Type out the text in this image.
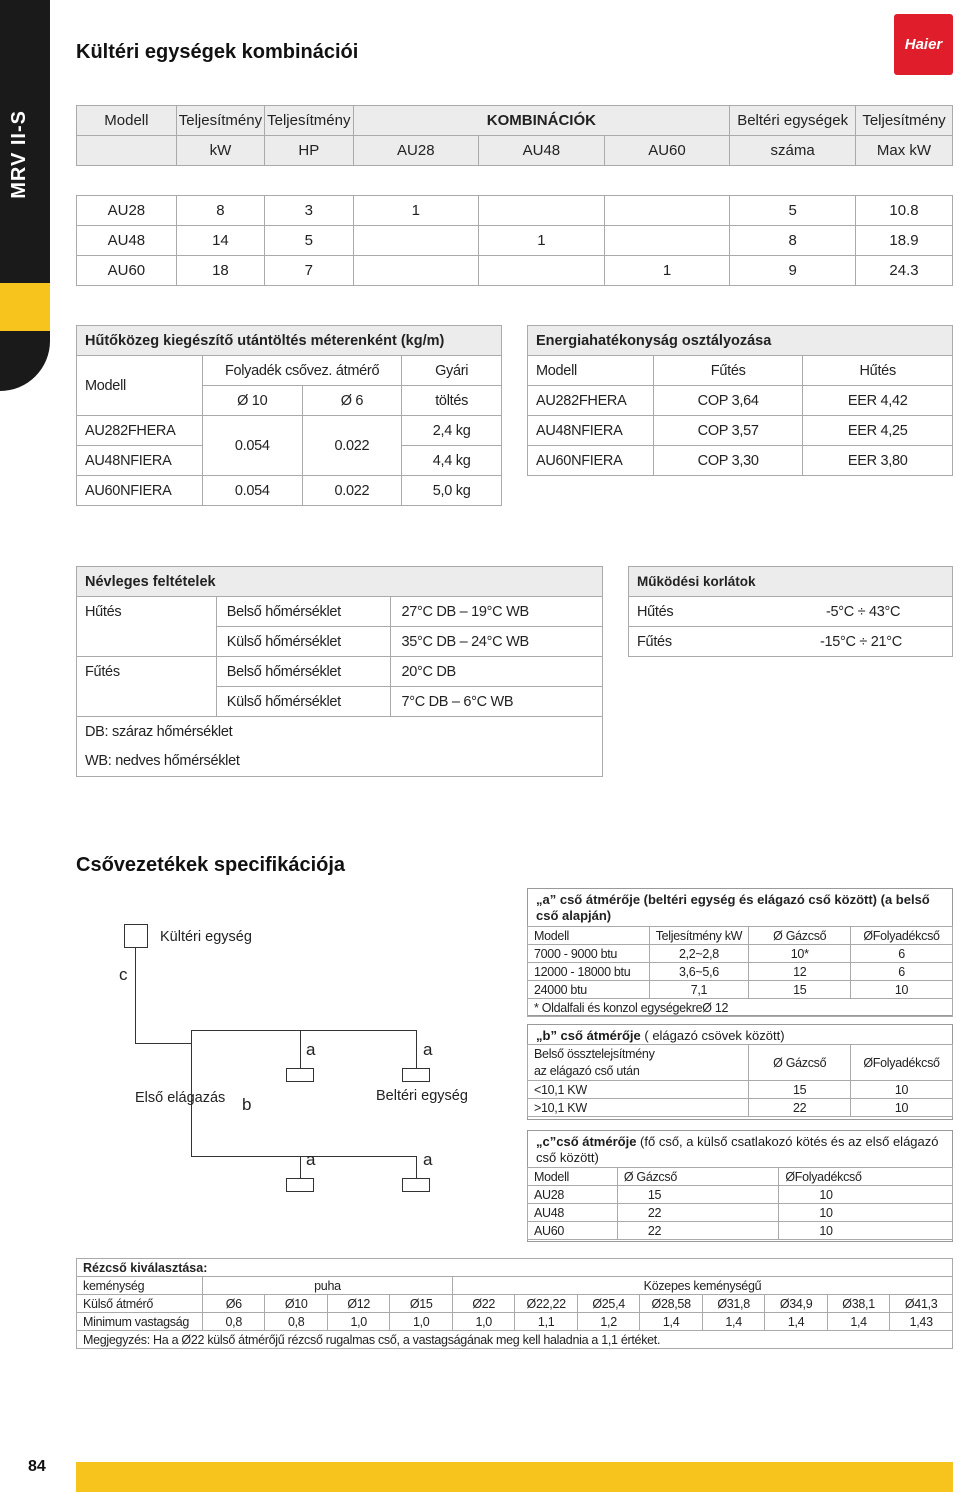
MRV II-S
Kültéri egységek kombinációi	Haier
Modell	Teljesítmény	Teljesítmény	KOMBINÁCIÓK			Beltéri egységek	Teljesítmény
	kW	HP	AU28	AU48	AU60	száma	Max kW

AU28	8	3	1			5	10.8
AU48	14	5		1		8	18.9
AU60	18	7			1	9	24.3
Hűtőközeg kiegészítő utántöltés méterenként (kg/m)			
Modell	Folyadék csővez. átmérő		Gyári
	Ø 10	Ø 6	töltés
AU282FHERA	0.054	0.022	2,4 kg
AU48NFIERA			4,4 kg
AU60NFIERA	0.054	0.022	5,0 kg
Energiahatékonyság osztályozása		
Modell	Fűtés	Hűtés
AU282FHERA	COP 3,64	EER 4,42
AU48NFIERA	COP 3,57	EER 4,25
AU60NFIERA	COP 3,30	EER 3,80
Névleges feltételek		
Hűtés	Belső hőmérséklet	27°C DB – 19°C WB
	Külső hőmérséklet	35°C DB – 24°C WB
Fűtés	Belső hőmérséklet	20°C DB
	Külső hőmérséklet	7°C DB – 6°C WB
DB: száraz hőmérséklet		
WB: nedves hőmérséklet		
Működési korlátok	
Hűtés	-5°C ÷ 43°C
Fűtés	-15°C ÷ 21°C
Csővezetékek specifikációja
Kültéri egység
c
a	a
a	a
Első elágazás b	Beltéri egység
„a” cső átmérője (beltéri egység és elágazó cső között) (a belső cső alapján)
Modell	Teljesítmény kW	Ø Gázcső	ØFolyadékcső
7000 - 9000 btu	2,2~2,8	10*	6
12000 - 18000 btu	3,6~5,6	12	6
24000 btu	7,1	15	10
* Oldalfali és konzol egységekreØ 12			
„b” cső átmérője ( elágazó csövek között)
Belső össztelejsítmény
az elágazó cső után	Ø Gázcső	ØFolyadékcső
<10,1 KW	15	10
>10,1 KW	22	10
„c”cső átmérője (fő cső, a külső csatlakozó kötés és az első elágazó cső között)
Modell	Ø Gázcső	ØFolyadékcső
AU28	15	10
AU48	22	10
AU60	22	10
Rézcső kiválasztása:												
keménység	puha				Közepes keménységű							
Külső átmérő	Ø6	Ø10	Ø12	Ø15	Ø22	Ø22,22	Ø25,4	Ø28,58	Ø31,8	Ø34,9	Ø38,1	Ø41,3
Minimum vastagság	0,8	0,8	1,0	1,0	1,0	1,1	1,2	1,4	1,4	1,4	1,4	1,43
Megjegyzés: Ha a Ø22 külső átmérőjű rézcső rugalmas cső, a vastagságának meg kell haladnia a 1,1 értéket.												
84
